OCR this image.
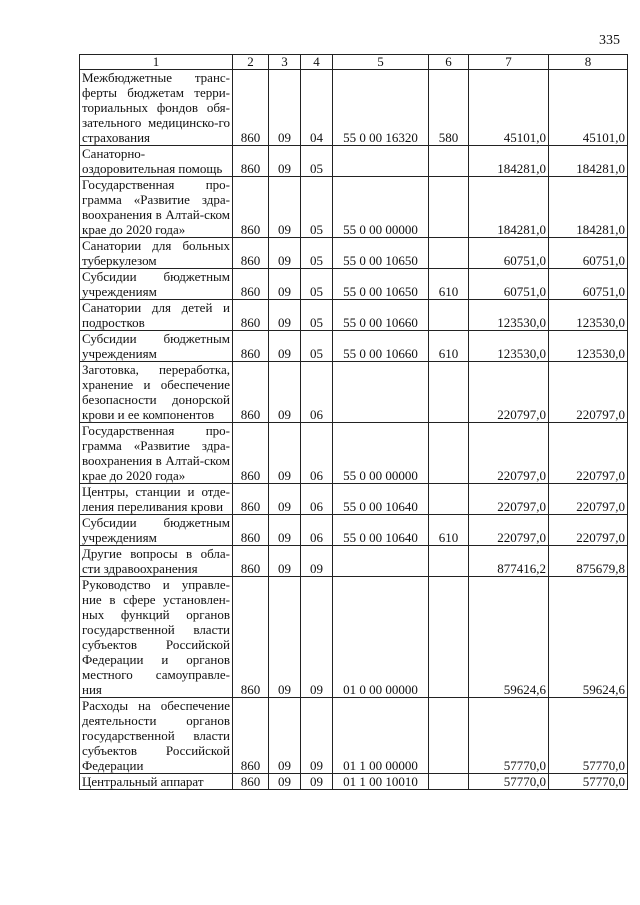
335
1	2	3	4	5	6	7	8
Межбюджетные транс-ферты бюджетам терри-ториальных фондов обя-зательного медицинско-го страхования	860	09	04	55 0 00 16320	580	45101,0	45101,0
Санаторно-оздоровительная помощь	860	09	05			184281,0	184281,0
Государственная про-грамма «Развитие здра-воохранения в Алтай-ском крае до 2020 года»	860	09	05	55 0 00 00000		184281,0	184281,0
Санатории для больных туберкулезом	860	09	05	55 0 00 10650		60751,0	60751,0
Субсидии бюджетным учреждениям	860	09	05	55 0 00 10650	610	60751,0	60751,0
Санатории для детей и подростков	860	09	05	55 0 00 10660		123530,0	123530,0
Субсидии бюджетным учреждениям	860	09	05	55 0 00 10660	610	123530,0	123530,0
Заготовка, переработка, хранение и обеспечение безопасности донорской крови и ее компонентов	860	09	06			220797,0	220797,0
Государственная про-грамма «Развитие здра-воохранения в Алтай-ском крае до 2020 года»	860	09	06	55 0 00 00000		220797,0	220797,0
Центры, станции и отде-ления переливания крови	860	09	06	55 0 00 10640		220797,0	220797,0
Субсидии бюджетным учреждениям	860	09	06	55 0 00 10640	610	220797,0	220797,0
Другие вопросы в обла-сти здравоохранения	860	09	09			877416,2	875679,8
Руководство и управле-ние в сфере установлен-ных функций органов государственной власти субъектов Российской Федерации и органов местного самоуправле-ния	860	09	09	01 0 00 00000		59624,6	59624,6
Расходы на обеспечение деятельности органов государственной власти субъектов Российской Федерации	860	09	09	01 1 00 00000		57770,0	57770,0
Центральный аппарат	860	09	09	01 1 00 10010		57770,0	57770,0
